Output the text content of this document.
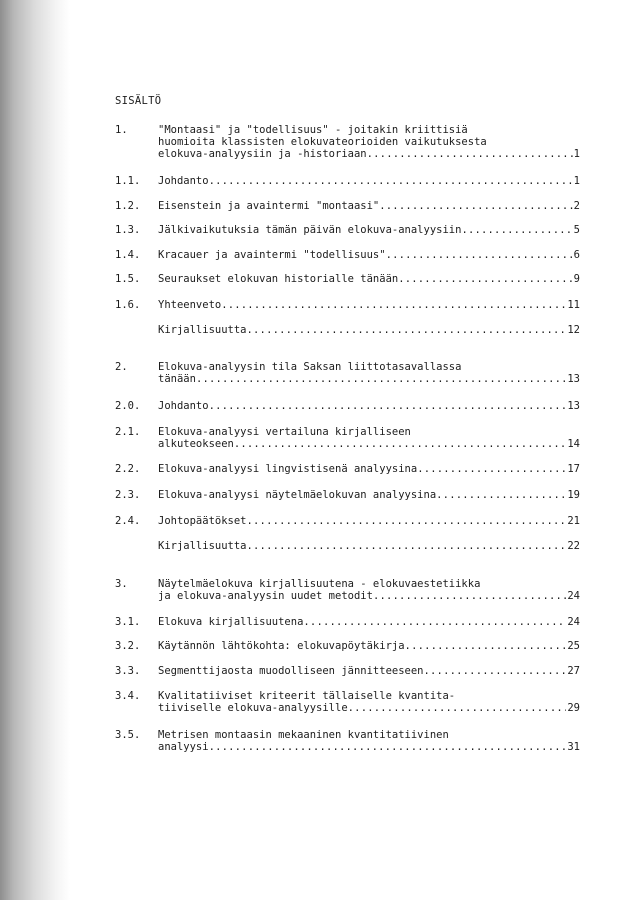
SISÄLTÖ
1.	"Montaasi" ja "todellisuus" - joitakin kriittisiä
huomioita klassisten elokuvateorioiden vaikutuksesta
elokuva-analyysiin ja -historiaan .....	1
1.1. Johdanto .....	1
1.2. Eisenstein ja avaintermi "montaasi" .....	2
1.3. Jälkivaikutuksia tämän päivän elokuva-analyysiin .....	5
1.4. Kracauer ja avaintermi "todellisuus" .....	6
1.5. Seuraukset elokuvan historialle tänään .....	9
1.6. Yhteenveto .....	11
Kirjallisuutta .....	12
2.	Elokuva-analyysin tila Saksan liittotasavallassa
tänään .....	13
2.0. Johdanto .....	13
2.1. Elokuva-analyysi vertailuna kirjalliseen
alkuteokseen .....	14
2.2. Elokuva-analyysi lingvistisenä analyysina .....	17
2.3. Elokuva-analyysi näytelmäelokuvan analyysina .....	19
2.4. Johtopäätökset .....	21
Kirjallisuutta .....	22
3.	Näytelmäelokuva kirjallisuutena - elokuvaestetiikka
ja elokuva-analyysin uudet metodit .....	24
3.1. Elokuva kirjallisuutena .....	24
3.2. Käytännön lähtökohta: elokuvapöytäkirja .....	25
3.3. Segmenttijaosta muodolliseen jännitteeseen .....	27
3.4. Kvalitatiiviset kriteerit tällaiselle kvantita-
tiiviselle elokuva-analyysille .....	29
3.5. Metrisen montaasin mekaaninen kvantitatiivinen
analyysi .....	31
